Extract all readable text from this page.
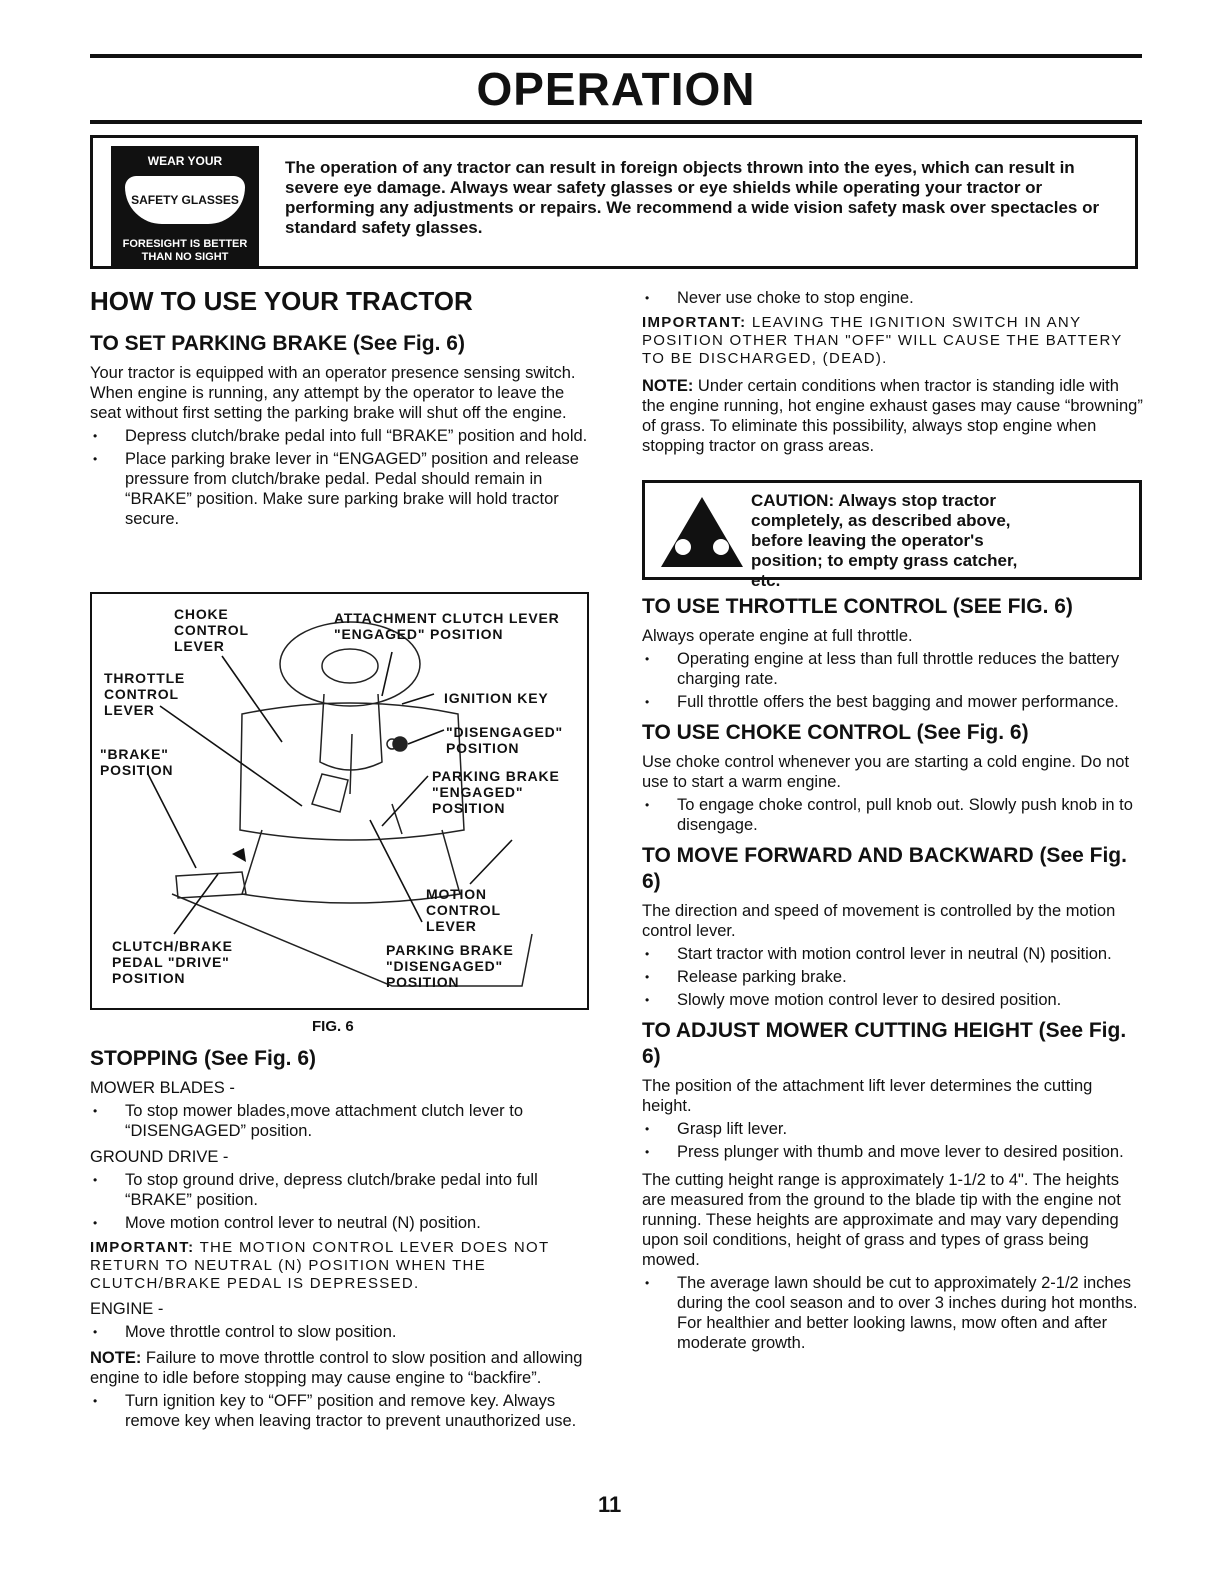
OPERATION
WEAR YOUR
SAFETY GLASSES
FORESIGHT IS BETTER
THAN NO SIGHT
The operation of any tractor can result in foreign objects thrown into the eyes, which can result in severe eye damage. Always wear safety glasses or eye shields while operating your tractor or performing any adjustments or repairs. We recommend a wide vision safety mask over spectacles or standard safety glasses.
HOW TO USE YOUR TRACTOR
TO SET PARKING BRAKE (See Fig. 6)

Your tractor is equipped with an operator presence sensing switch. When engine is running, any attempt by the operator to leave the seat without first setting the parking brake will shut off the engine.

• Depress clutch/brake pedal into full “BRAKE” position and hold.
• Place parking brake lever in “ENGAGED” position and release pressure from clutch/brake pedal. Pedal should remain in “BRAKE” position. Make sure parking brake will hold tractor secure.
CHOKE
CONTROL
LEVER
ATTACHMENT CLUTCH LEVER
"ENGAGED" POSITION
THROTTLE
CONTROL
LEVER
IGNITION KEY
"DISENGAGED"
POSITION
"BRAKE"
POSITION	PARKING BRAKE
"ENGAGED"
POSITION
MOTION
CONTROL
LEVER
CLUTCH/BRAKE
PEDAL "DRIVE"
POSITION
PARKING BRAKE
"DISENGAGED"
POSITION
FIG. 6
STOPPING (See Fig. 6)

MOWER BLADES -

• To stop mower blades,move attachment clutch lever to “DISENGAGED” position.

GROUND DRIVE -

• To stop ground drive, depress clutch/brake pedal into full “BRAKE” position.
• Move motion control lever to neutral (N) position.

IMPORTANT: THE MOTION CONTROL LEVER DOES NOT RETURN TO NEUTRAL (N) POSITION WHEN THE CLUTCH/BRAKE PEDAL IS DEPRESSED.

ENGINE -

• Move throttle control to slow position.

NOTE: Failure to move throttle control to slow position and allowing engine to idle before stopping may cause engine to “backfire”.

• Turn ignition key to “OFF” position and remove key. Always remove key when leaving tractor to prevent unauthorized use.
• Never use choke to stop engine.

IMPORTANT: LEAVING THE IGNITION SWITCH IN ANY POSITION OTHER THAN "OFF" WILL CAUSE THE BATTERY TO BE DISCHARGED, (DEAD).

NOTE: Under certain conditions when tractor is standing idle with the engine running, hot engine exhaust gases may cause “browning” of grass. To eliminate this possibility, always stop engine when stopping tractor on grass areas.

CAUTION: Always stop tractor completely, as described above, before leaving the operator's position; to empty grass catcher, etc.
TO USE THROTTLE CONTROL (SEE FIG. 6)

Always operate engine at full throttle.

• Operating engine at less than full throttle reduces the battery charging rate.
• Full throttle offers the best bagging and mower performance.
TO USE CHOKE CONTROL (See Fig. 6)

Use choke control whenever you are starting a cold engine. Do not use to start a warm engine.

• To engage choke control, pull knob out. Slowly push knob in to disengage.
TO MOVE FORWARD AND BACKWARD (See Fig. 6)

The direction and speed of movement is controlled by the motion control lever.

• Start tractor with motion control lever in neutral (N) position.
• Release parking brake.
• Slowly move motion control lever to desired position.
TO ADJUST MOWER CUTTING HEIGHT (See Fig. 6)

The position of the attachment lift lever determines the cutting height.

• Grasp lift lever.
• Press plunger with thumb and move lever to desired position.

The cutting height range is approximately 1-1/2 to 4". The heights are measured from the ground to the blade tip with the engine not running. These heights are approximate and may vary depending upon soil conditions, height of grass and types of grass being mowed.

• The average lawn should be cut to approximately 2-1/2 inches during the cool season and to over 3 inches during hot months. For healthier and better looking lawns, mow often and after moderate growth.
11
